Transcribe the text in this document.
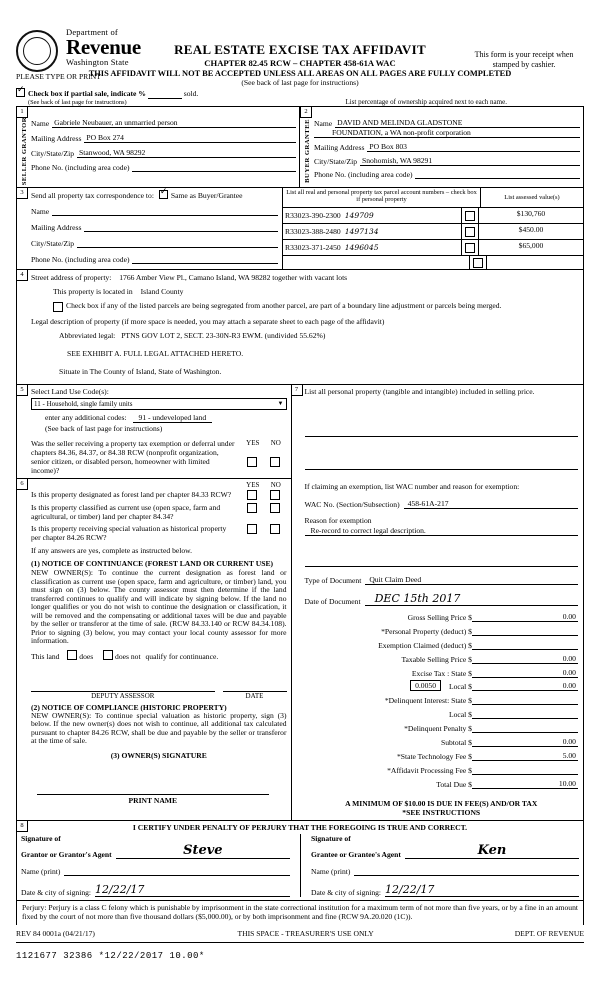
Department of
Revenue
Washington State
REAL ESTATE EXCISE TAX AFFIDAVIT
CHAPTER 82.45 RCW – CHAPTER 458-61A WAC
THIS AFFIDAVIT WILL NOT BE ACCEPTED UNLESS ALL AREAS ON ALL PAGES ARE FULLY COMPLETED
(See back of last page for instructions)
This form is your receipt when stamped by cashier.
PLEASE TYPE OR PRINT
✓Check box if partial sale, indicate %	sold.
(See back of last page for instructions)	List percentage of ownership acquired next to each name.
1
SELLER GRANTOR Name Gabriele Neubauer, an unmarried person
Mailing Address PO Box 274
City/State/Zip Stanwood, WA 98292
Phone No. (including area code)
2
BUYER GRANTEE Name DAVID AND MELINDA GLADSTONE
FOUNDATION, a WA non-profit corporation
Mailing Address PO Box 803
City/State/Zip Snohomish, WA 98291
Phone No. (including area code)
3 Send all property tax correspondence to: ✓ Same as Buyer/Grantee
Name

Mailing Address

City/State/Zip

Phone No. (including area code)

List all real and personal property tax parcel account numbers – check box if personal property	List assessed value(s)
R33023-390-2300 149709	$130,760
R33023-388-2480 1497134	$450.00
R33023-371-2450 1496045	$65,000
4 Street address of property: 1766 Amber View Pl., Camano Island, WA 98282 together with vacant lots
This property is located in Island County
Check box if any of the listed parcels are being segregated from another parcel, are part of a boundary line adjustment or parcels being merged.
Legal description of property (if more space is needed, you may attach a separate sheet to each page of the affidavit)
Abbreviated legal: PTNS GOV LOT 2, SECT. 23-30N-R3 EWM. (undivided 55.62%)
SEE EXHIBIT A. FULL LEGAL ATTACHED HERETO.
Situate in The County of Island, State of Washington.
5 Select Land Use Code(s):
11 - Household, single family units	▼
enter any additional codes: 91 - undeveloped land
(See back of last page for instructions)
Was the seller receiving a property tax exemption or deferral under chapters 84.36, 84.37, or 84.38 RCW (nonprofit organization, senior citizen, or disabled person, homeowner with limited income)?
YES NO
6	YES NO
Is this property designated as forest land per chapter 84.33 RCW?
Is this property classified as current use (open space, farm and agricultural, or timber) land per chapter 84.34?
Is this property receiving special valuation as historical property per chapter 84.26 RCW?
If any answers are yes, complete as instructed below.
(1) NOTICE OF CONTINUANCE (FOREST LAND OR CURRENT USE)
NEW OWNER(S): To continue the current designation as forest land or classification as current use (open space, farm and agriculture, or timber) land, you must sign on (3) below. The county assessor must then determine if the land transferred continues to qualify and will indicate by signing below. If the land no longer qualifies or you do not wish to continue the designation or classification, it will be removed and the compensating or additional taxes will be due and payable by the seller or transferor at the time of sale. (RCW 84.33.140 or RCW 84.34.108). Prior to signing (3) below, you may contact your local county assessor for more information.
This land	does	does not qualify for continuance.

DEPUTY ASSESSOR	DATE
(2) NOTICE OF COMPLIANCE (HISTORIC PROPERTY)
NEW OWNER(S): To continue special valuation as historic property, sign (3) below. If the new owner(s) does not wish to continue, all additional tax calculated pursuant to chapter 84.26 RCW, shall be due and payable by the seller or transferor at the time of sale.
(3) OWNER(S) SIGNATURE

PRINT NAME
7 List all personal property (tangible and intangible) included in selling price.

If claiming an exemption, list WAC number and reason for exemption:
WAC No. (Section/Subsection)	458-61A-217
Reason for exemption
Re-record to correct legal description.

Type of Document	Quit Claim Deed
Date of Document	DEC 15th 2017
Gross Selling Price $	0.00
*Personal Property (deduct) $

Exemption Claimed (deduct) $

Taxable Selling Price $	0.00
Excise Tax : State $	0.00
0.0050	Local $	0.00
*Delinquent Interest: State $

Local $

*Delinquent Penalty $

Subtotal $	0.00
*State Technology Fee $	5.00
*Affidavit Processing Fee $

Total Due $	10.00
A MINIMUM OF $10.00 IS DUE IN FEE(S) AND/OR TAX
*SEE INSTRUCTIONS
8	I CERTIFY UNDER PENALTY OF PERJURY THAT THE FOREGOING IS TRUE AND CORRECT.
Signature of
Grantor or Grantor's Agent	Steve
Name (print)

Date & city of signing: 12/22/17
Signature of
Grantee or Grantee's Agent	Ken
Name (print)

Date & city of signing: 12/22/17
Perjury: Perjury is a class C felony which is punishable by imprisonment in the state correctional institution for a maximum term of not more than five years, or by a fine in an amount fixed by the court of not more than five thousand dollars ($5,000.00), or by both imprisonment and fine (RCW 9A.20.020 (1C)).
REV 84 0001a (04/21/17)	THIS SPACE - TREASURER'S USE ONLY	DEPT. OF REVENUE
1121677 32386 *12/22/2017 10.00*
